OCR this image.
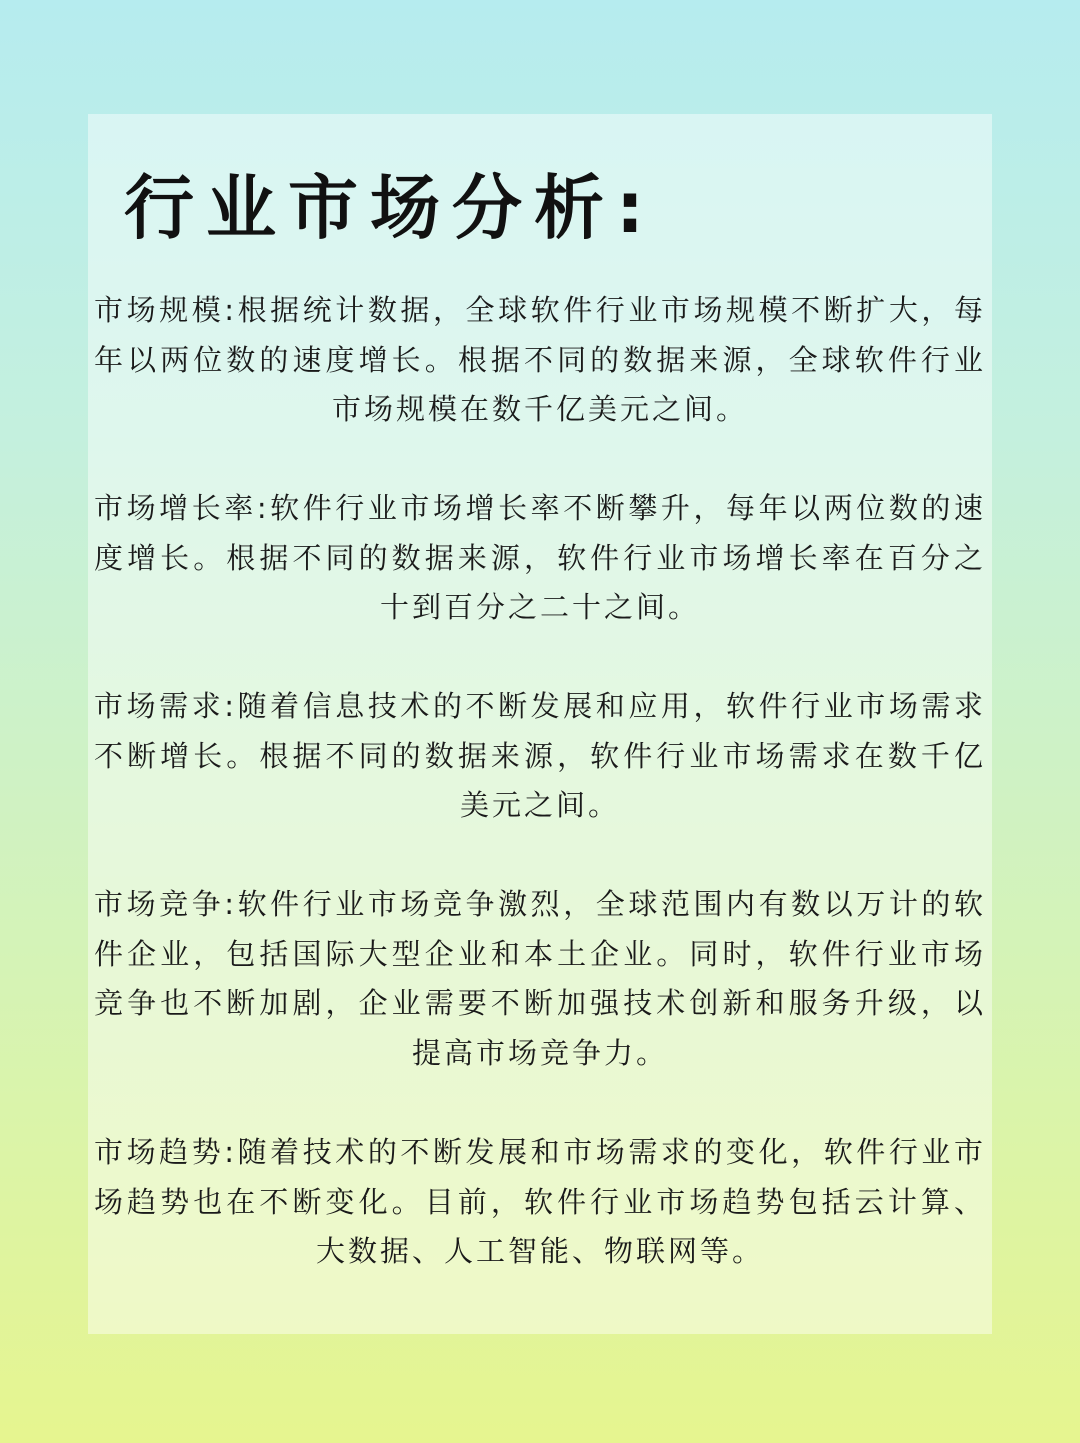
行业市场分析:

市场规模:根据统计数据，全球软件行业市场规模不断扩大，每年以两位数的速度增长。根据不同的数据来源，全球软件行业市场规模在数千亿美元之间。

市场增长率:软件行业市场增长率不断攀升，每年以两位数的速度增长。根据不同的数据来源，软件行业市场增长率在百分之十到百分之二十之间。

市场需求:随着信息技术的不断发展和应用，软件行业市场需求不断增长。根据不同的数据来源，软件行业市场需求在数千亿美元之间。

市场竞争:软件行业市场竞争激烈，全球范围内有数以万计的软件企业，包括国际大型企业和本土企业。同时，软件行业市场竞争也不断加剧，企业需要不断加强技术创新和服务升级，以提高市场竞争力。

市场趋势:随着技术的不断发展和市场需求的变化，软件行业市场趋势也在不断变化。目前，软件行业市场趋势包括云计算、大数据、人工智能、物联网等。
